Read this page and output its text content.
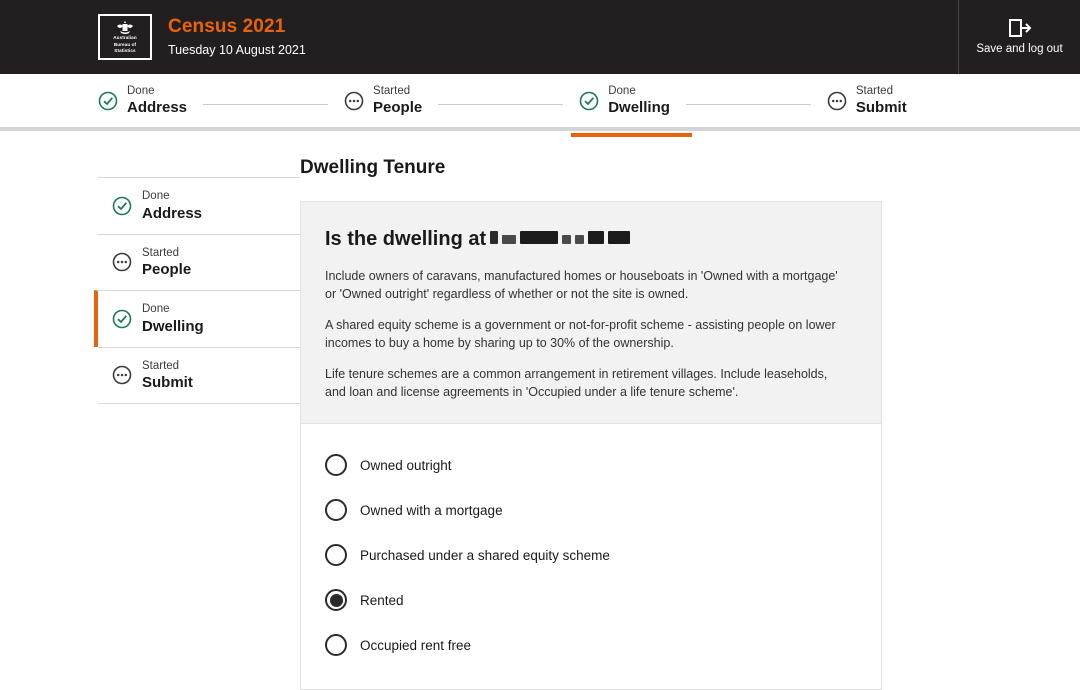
Australian
Bureau of
Statistics
Census 2021
Tuesday 10 August 2021	Save and log out
Done
Address
Started
People
Done
Dwelling
Started
Submit
Done
Address
Started
People
Done
Dwelling
Started
Submit
Dwelling Tenure
Is the dwelling at

Include owners of caravans, manufactured homes or houseboats in 'Owned with a mortgage' or 'Owned outright' regardless of whether or not the site is owned.

A shared equity scheme is a government or not-for-profit scheme - assisting people on lower incomes to buy a home by sharing up to 30% of the ownership.

Life tenure schemes are a common arrangement in retirement villages. Include leaseholds, and loan and license agreements in 'Occupied under a life tenure scheme'.

Owned outright
Owned with a mortgage
Purchased under a shared equity scheme
Rented
Occupied rent free
